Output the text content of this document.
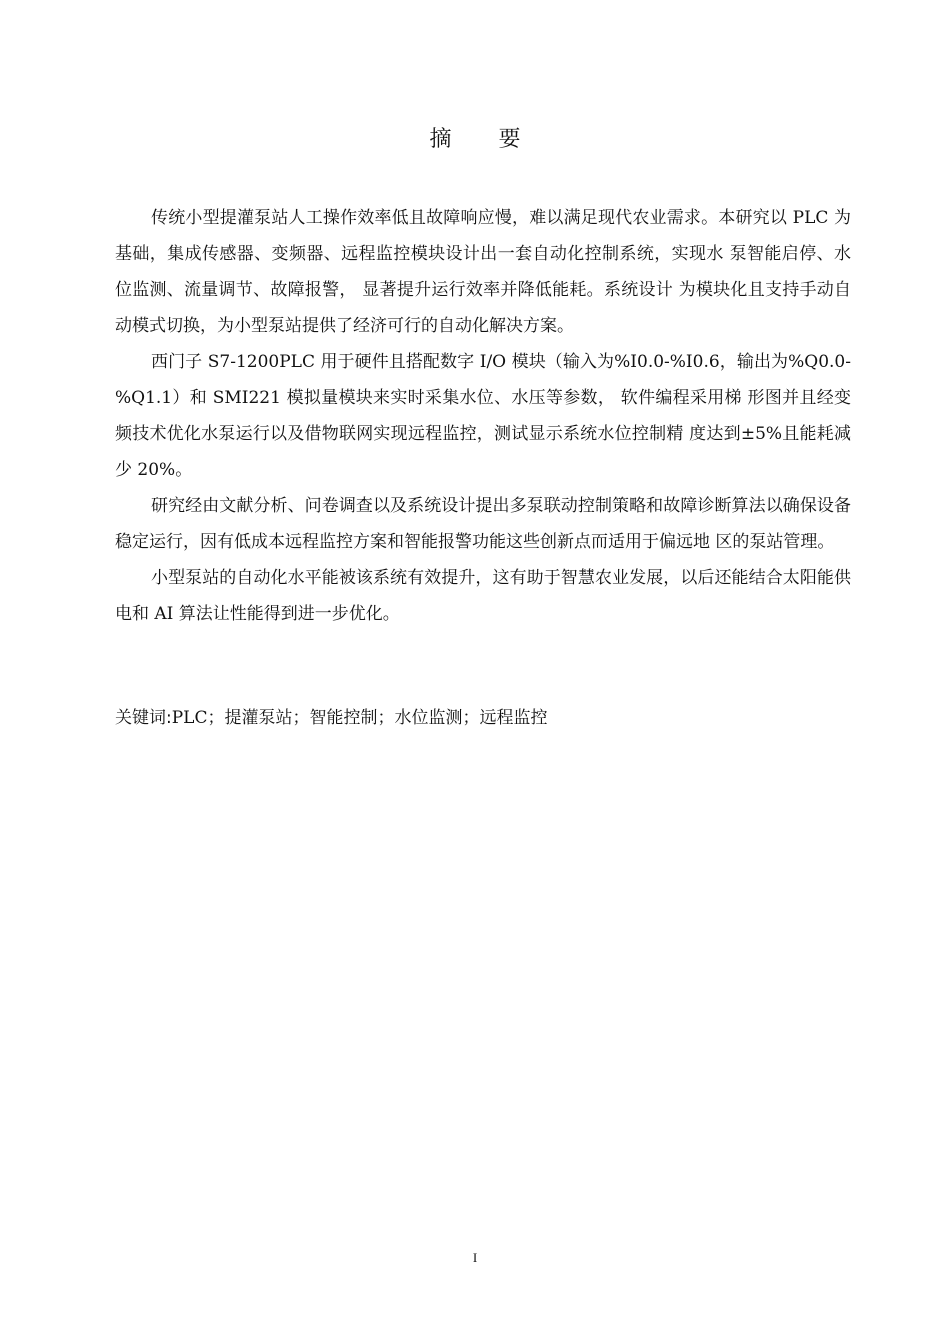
摘 要

传统小型提灌泵站人工操作效率低且故障响应慢，难以满足现代农业需求。本研究以 PLC 为基础，集成传感器、变频器、远程监控模块设计出一套自动化控制系统，实现水 泵智能启停、水位监测、流量调节、故障报警， 显著提升运行效率并降低能耗。系统设计 为模块化且支持手动自动模式切换，为小型泵站提供了经济可行的自动化解决方案。

西门子 S7-1200PLC 用于硬件且搭配数字 I/O 模块（输入为%I0.0-%I0.6，输出为%Q0.0-%Q1.1）和 SMI221 模拟量模块来实时采集水位、水压等参数， 软件编程采用梯 形图并且经变频技术优化水泵运行以及借物联网实现远程监控，测试显示系统水位控制精 度达到±5%且能耗减少 20%。

研究经由文献分析、问卷调查以及系统设计提出多泵联动控制策略和故障诊断算法以确保设备稳定运行，因有低成本远程监控方案和智能报警功能这些创新点而适用于偏远地 区的泵站管理。

小型泵站的自动化水平能被该系统有效提升，这有助于智慧农业发展，以后还能结合太阳能供电和 AI 算法让性能得到进一步优化。

关键词:PLC；提灌泵站；智能控制；水位监测；远程监控

I
